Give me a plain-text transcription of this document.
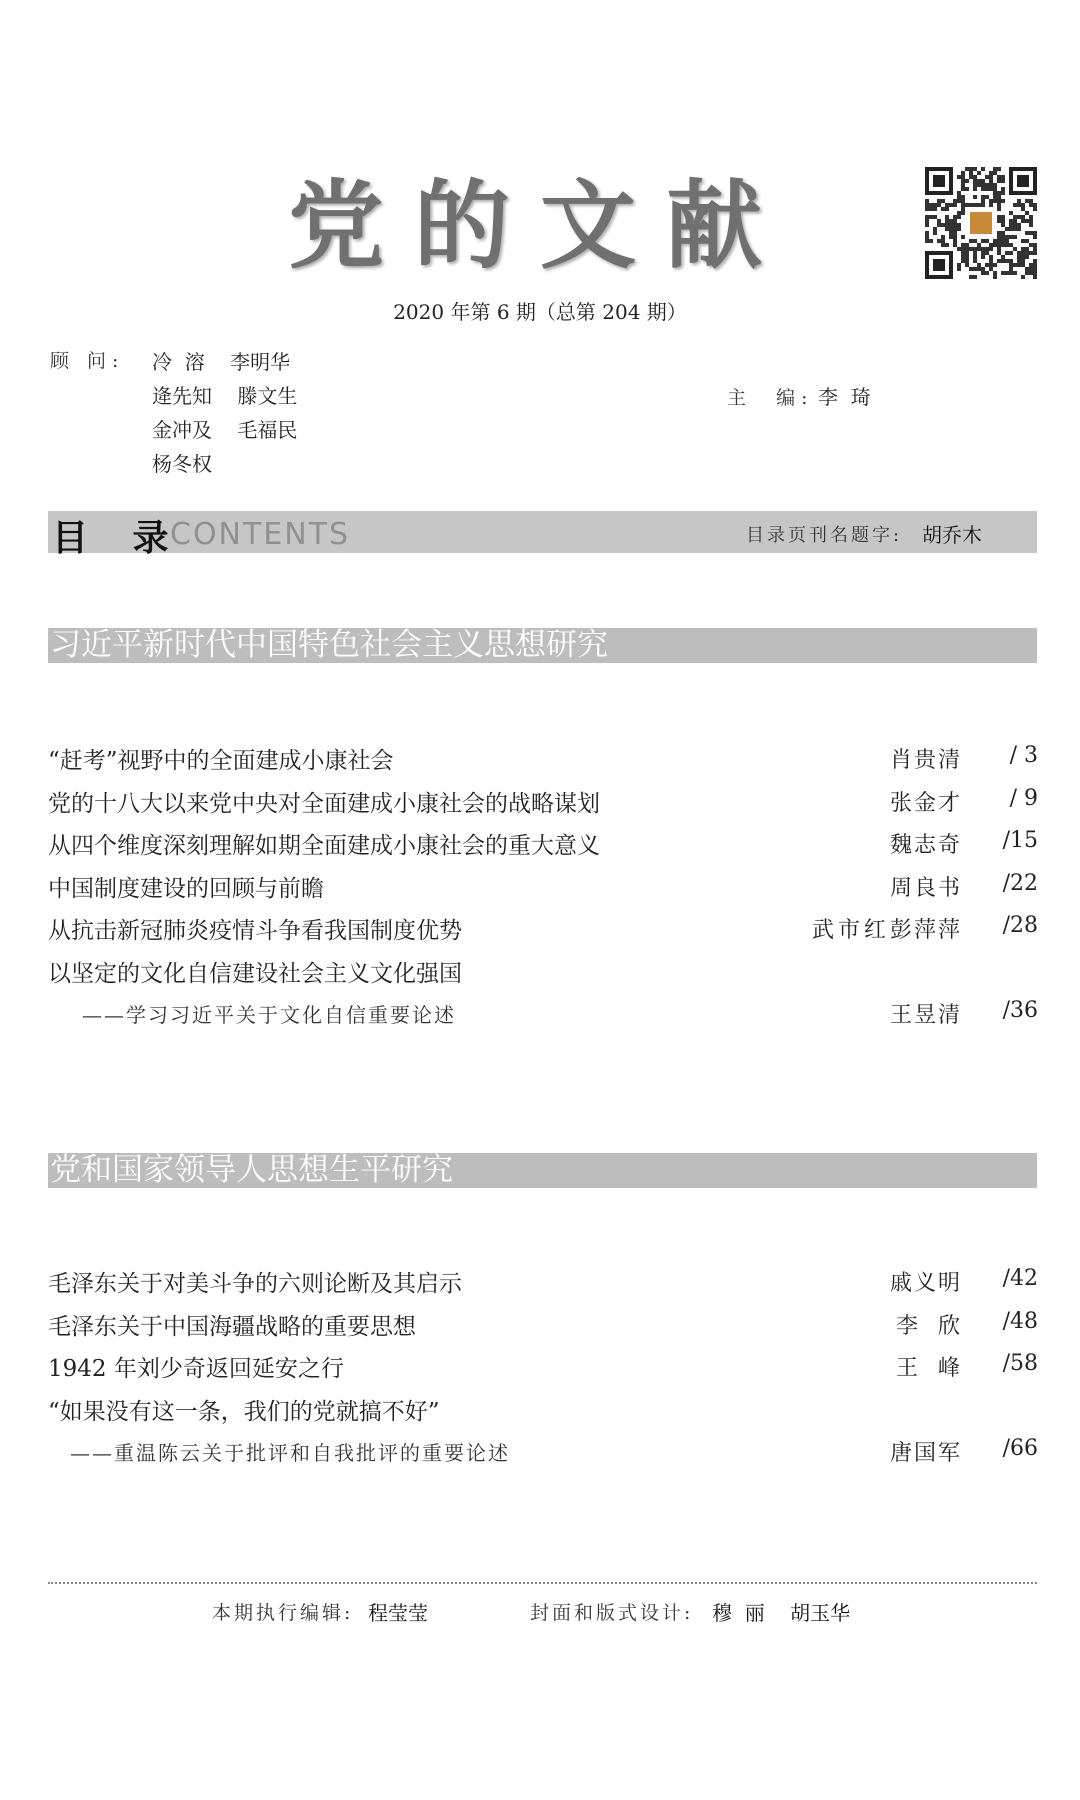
党的文献
2020 年第 6 期（总第 204 期）
顾 问: 冷  溶    李明华
逄先知    滕文生
金冲及    毛福民
杨冬权
主  编: 李  琦
目 录
CONTENTS	目录页刊名题字: 胡乔木
习近平新时代中国特色社会主义思想研究
“赶考”视野中的全面建成小康社会	肖贵清	/ 3
党的十八大以来党中央对全面建成小康社会的战略谋划	张金才	/ 9
从四个维度深刻理解如期全面建成小康社会的重大意义	魏志奇	/15
中国制度建设的回顾与前瞻	周良书	/22
从抗击新冠肺炎疫情斗争看我国制度优势	武市红 彭萍萍	/28
以坚定的文化自信建设社会主义文化强国
——学习习近平关于文化自信重要论述	王昱清	/36
党和国家领导人思想生平研究
毛泽东关于对美斗争的六则论断及其启示	戚义明	/42
毛泽东关于中国海疆战略的重要思想	李  欣	/48
1942 年刘少奇返回延安之行	王  峰	/58
“如果没有这一条，我们的党就搞不好”
——重温陈云关于批评和自我批评的重要论述	唐国军	/66
本期执行编辑: 程莹莹	封面和版式设计: 穆  丽    胡玉华
